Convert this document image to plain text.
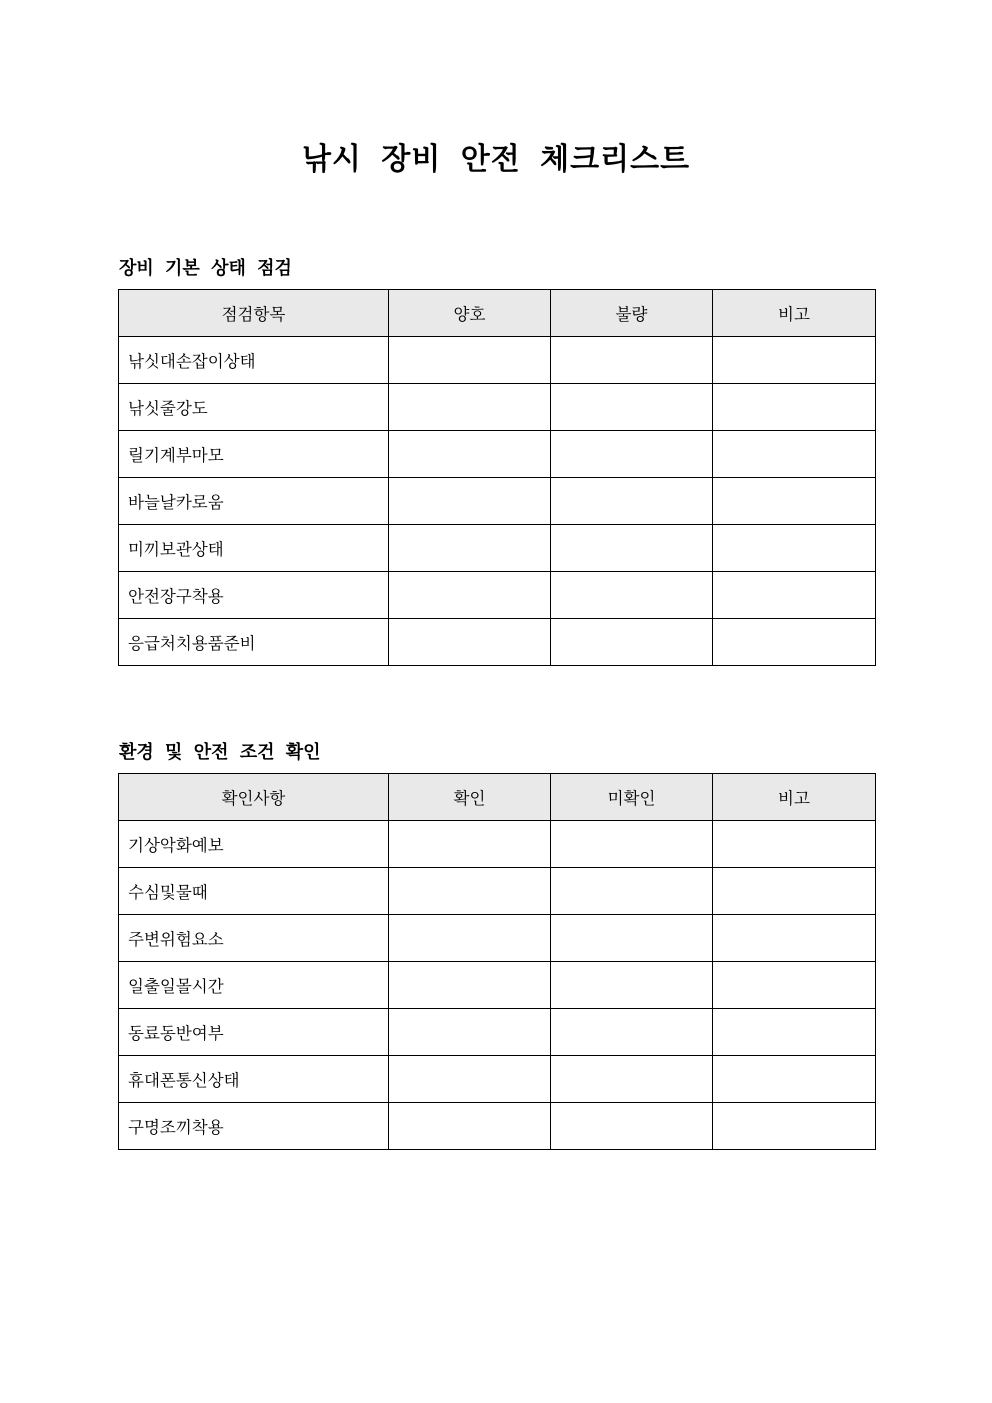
낚시 장비 안전 체크리스트
장비 기본 상태 점검
점검항목	양호	불량	비고
낚싯대손잡이상태			
낚싯줄강도			
릴기계부마모			
바늘날카로움			
미끼보관상태			
안전장구착용			
응급처치용품준비			
환경 및 안전 조건 확인
확인사항	확인	미확인	비고
기상악화예보			
수심및물때			
주변위험요소			
일출일몰시간			
동료동반여부			
휴대폰통신상태			
구명조끼착용			
